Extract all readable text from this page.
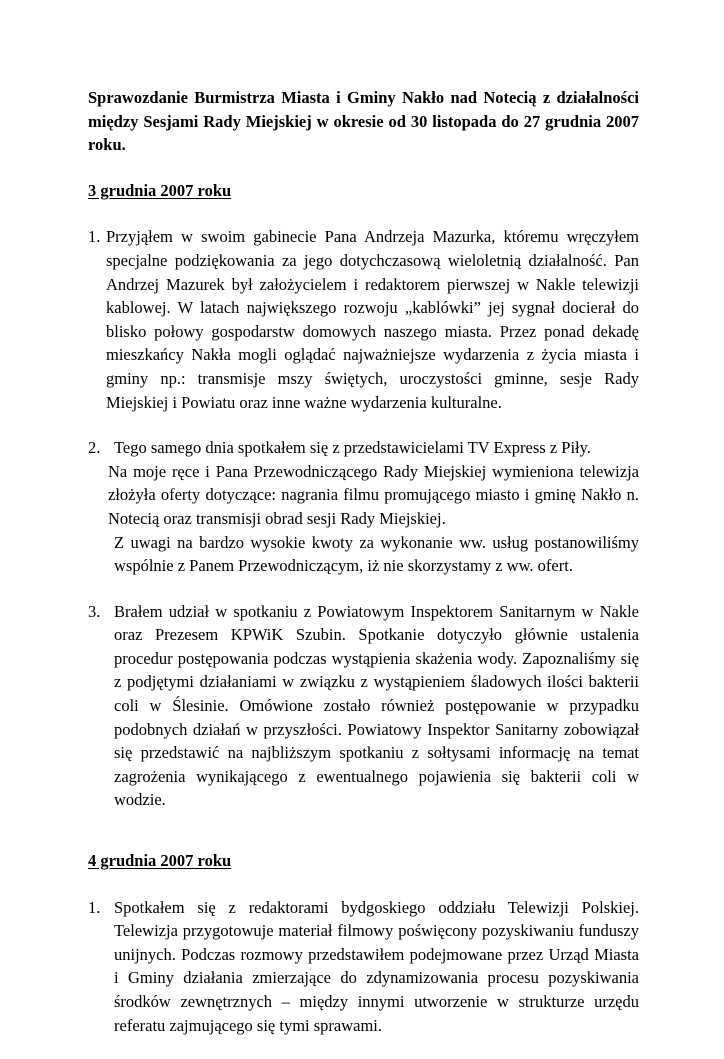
Sprawozdanie Burmistrza Miasta i Gminy Nakło nad Notecią z działalności między Sesjami Rady Miejskiej w okresie od 30 listopada do 27 grudnia 2007 roku.

3 grudnia 2007 roku

1. Przyjąłem w swoim gabinecie Pana Andrzeja Mazurka, któremu wręczyłem specjalne podziękowania za jego dotychczasową wieloletnią działalność. Pan Andrzej Mazurek był założycielem i redaktorem pierwszej w Nakle telewizji kablowej. W latach największego rozwoju „kablówki” jej sygnał docierał do blisko połowy gospodarstw domowych naszego miasta. Przez ponad dekadę mieszkańcy Nakła mogli oglądać najważniejsze wydarzenia z życia miasta i gminy np.: transmisje mszy świętych, uroczystości gminne, sesje Rady Miejskiej i Powiatu oraz inne ważne wydarzenia kulturalne.

2. Tego samego dnia spotkałem się z przedstawicielami TV Express z Piły.

Na moje ręce i Pana Przewodniczącego Rady Miejskiej wymieniona telewizja złożyła oferty dotyczące: nagrania filmu promującego miasto i gminę Nakło n. Notecią oraz transmisji obrad sesji Rady Miejskiej.

Z uwagi na bardzo wysokie kwoty za wykonanie ww. usług postanowiliśmy wspólnie z Panem Przewodniczącym, iż nie skorzystamy z ww. ofert.

3. Brałem udział w spotkaniu z Powiatowym Inspektorem Sanitarnym w Nakle oraz Prezesem KPWiK Szubin. Spotkanie dotyczyło głównie ustalenia procedur postępowania podczas wystąpienia skażenia wody. Zapoznaliśmy się z podjętymi działaniami w związku z wystąpieniem śladowych ilości bakterii coli w Ślesinie. Omówione zostało również postępowanie w przypadku podobnych działań w przyszłości. Powiatowy Inspektor Sanitarny zobowiązał się przedstawić na najbliższym spotkaniu z sołtysami informację na temat zagrożenia wynikającego z ewentualnego pojawienia się bakterii coli w wodzie.

4 grudnia 2007 roku

1. Spotkałem się z redaktorami bydgoskiego oddziału Telewizji Polskiej. Telewizja przygotowuje materiał filmowy poświęcony pozyskiwaniu funduszy unijnych. Podczas rozmowy przedstawiłem podejmowane przez Urząd Miasta i Gminy działania zmierzające do zdynamizowania procesu pozyskiwania środków zewnętrznych – między innymi utworzenie w strukturze urzędu referatu zajmującego się tymi sprawami.
